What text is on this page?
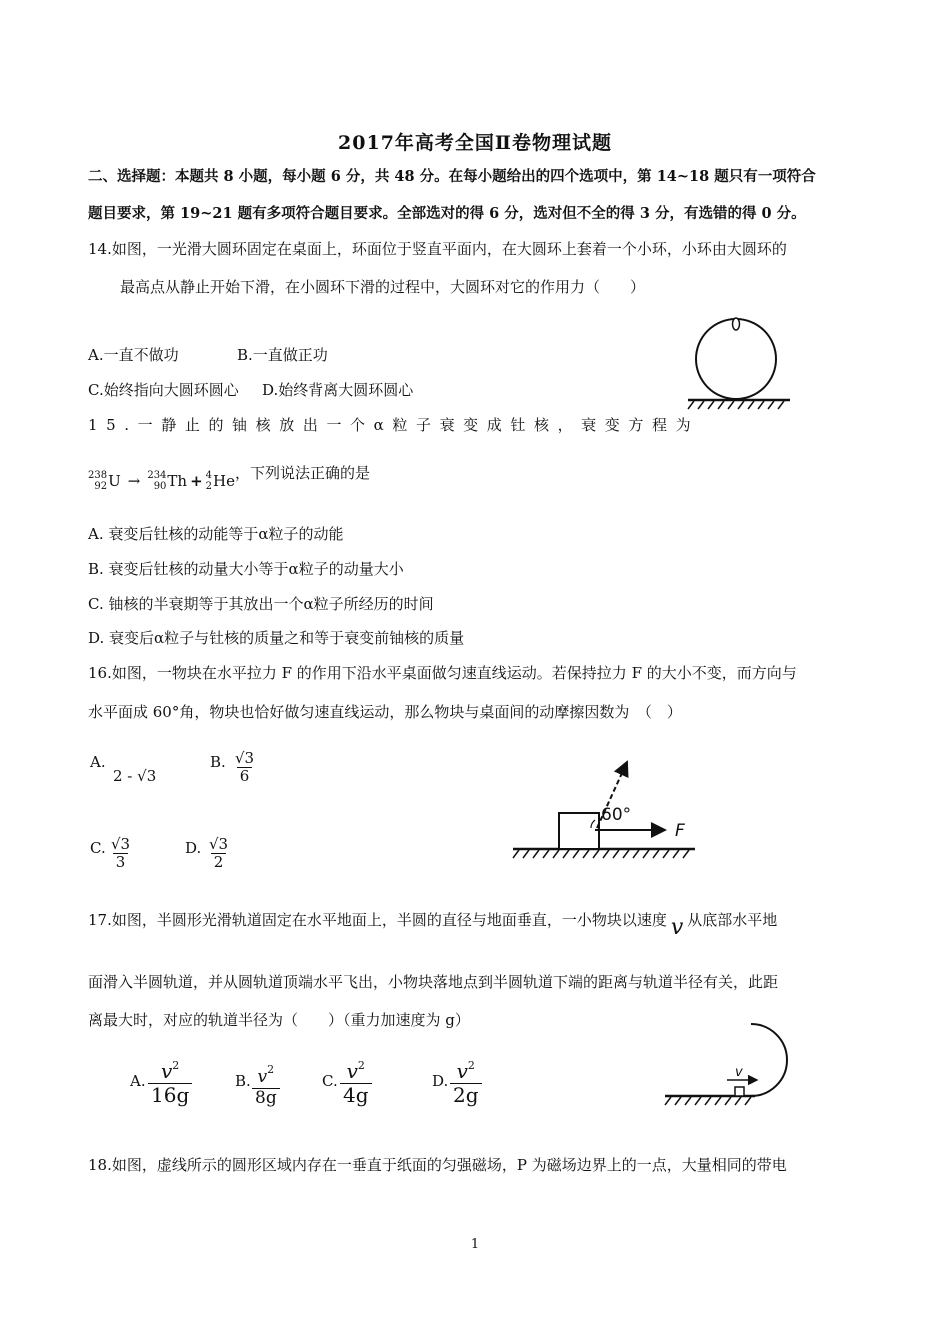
2017年高考全国Ⅱ卷物理试题
二、选择题：本题共 8 小题，每小题 6 分，共 48 分。在每小题给出的四个选项中，第 14~18 题只有一项符合
题目要求，第 19~21 题有多项符合题目要求。全部选对的得 6 分，选对但不全的得 3 分，有选错的得 0 分。
14.如图，一光滑大圆环固定在桌面上，环面位于竖直平面内，在大圆环上套着一个小环，小环由大圆环的
最高点从静止开始下滑，在小圆环下滑的过程中，大圆环对它的作用力（　　）
A.一直不做功	B.一直做正功
C.始终指向大圆环圆心 D.始终背离大圆环圆心
15.一静止的铀核放出一个α粒子衰变成钍核，衰变方程为
238
92 U → 234
90 Th + 4
2 He ，下列说法正确的是
A. 衰变后钍核的动能等于α粒子的动能
B. 衰变后钍核的动量大小等于α粒子的动量大小
C. 铀核的半衰期等于其放出一个α粒子所经历的时间
D. 衰变后α粒子与钍核的质量之和等于衰变前铀核的质量
16.如图，一物块在水平拉力 F 的作用下沿水平桌面做匀速直线运动。若保持拉力 F 的大小不变，而方向与
水平面成 60°角，物块也恰好做匀速直线运动，那么物块与桌面间的动摩擦因数为　（　）
A.
2 - √3
B. $\frac{√3}{6}$
C. $\frac{√3}{3}$	D. $\frac{√3}{2}$
60°
F
17.如图，半圆形光滑轨道固定在水平地面上，半圆的直径与地面垂直，一小物块以速度 v 从底部水平地
面滑入半圆轨道，并从圆轨道顶端水平飞出，小物块落地点到半圆轨道下端的距离与轨道半径有关，此距
离最大时，对应的轨道半径为（　　）（重力加速度为 g）
A. $\frac{v^2}{16g}$	B. $\frac{v^2}{8g}$	C. $\frac{v^2}{4g}$	D. $\frac{v^2}{2g}$	v
18.如图，虚线所示的圆形区域内存在一垂直于纸面的匀强磁场，P 为磁场边界上的一点，大量相同的带电
1
